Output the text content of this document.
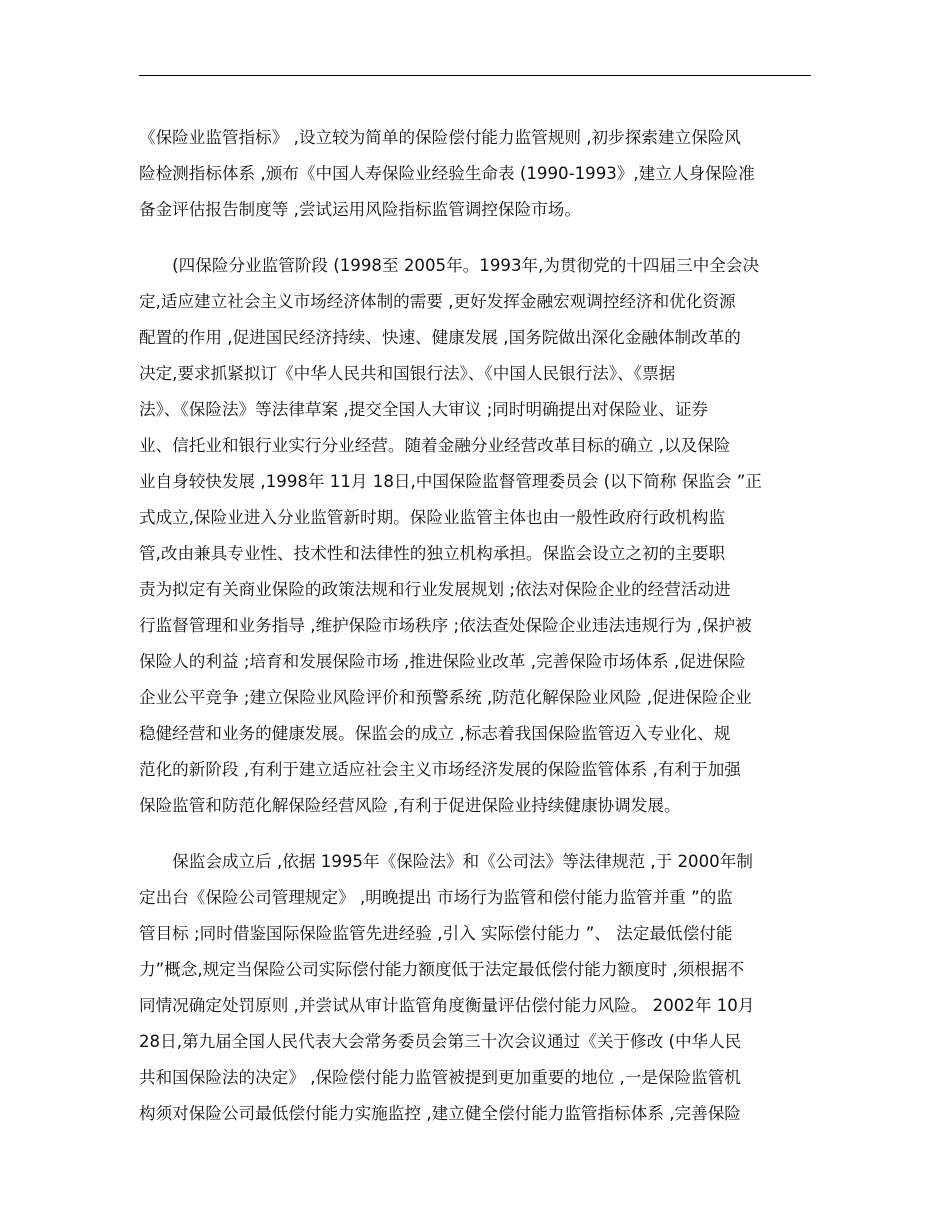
《保险业监管指标》 ,设立较为简单的保险偿付能力监管规则 ,初步探索建立保险风
险检测指标体系 ,颁布《中国人寿保险业经验生命表 (1990-1993》,建立人身保险准
备金评估报告制度等 ,尝试运用风险指标监管调控保险市场。
　　(四保险分业监管阶段 (1998至 2005年。1993年,为贯彻党的十四届三中全会决
定,适应建立社会主义市场经济体制的需要 ,更好发挥金融宏观调控经济和优化资源
配置的作用 ,促进国民经济持续、快速、健康发展 ,国务院做出深化金融体制改革的
决定,要求抓紧拟订《中华人民共和国银行法》、《中国人民银行法》、《票据
法》、《保险法》等法律草案 ,提交全国人大审议 ;同时明确提出对保险业、证券
业、信托业和银行业实行分业经营。随着金融分业经营改革目标的确立 ,以及保险
业自身较快发展 ,1998年 11月 18日,中国保险监督管理委员会 (以下简称 保监会 ”正
式成立,保险业进入分业监管新时期。保险业监管主体也由一般性政府行政机构监
管,改由兼具专业性、技术性和法律性的独立机构承担。保监会设立之初的主要职
责为拟定有关商业保险的政策法规和行业发展规划 ;依法对保险企业的经营活动进
行监督管理和业务指导 ,维护保险市场秩序 ;依法查处保险企业违法违规行为 ,保护被
保险人的利益 ;培育和发展保险市场 ,推进保险业改革 ,完善保险市场体系 ,促进保险
企业公平竞争 ;建立保险业风险评价和预警系统 ,防范化解保险业风险 ,促进保险企业
稳健经营和业务的健康发展。保监会的成立 ,标志着我国保险监管迈入专业化、规
范化的新阶段 ,有利于建立适应社会主义市场经济发展的保险监管体系 ,有利于加强
保险监管和防范化解保险经营风险 ,有利于促进保险业持续健康协调发展。
　　保监会成立后 ,依据 1995年《保险法》和《公司法》等法律规范 ,于 2000年制
定出台《保险公司管理规定》 ,明晚提出 市场行为监管和偿付能力监管并重 ”的监
管目标 ;同时借鉴国际保险监管先进经验 ,引入 实际偿付能力 ”、 法定最低偿付能
力”概念,规定当保险公司实际偿付能力额度低于法定最低偿付能力额度时 ,须根据不
同情况确定处罚原则 ,并尝试从审计监管角度衡量评估偿付能力风险。 2002年 10月
28日,第九届全国人民代表大会常务委员会第三十次会议通过《关于修改 (中华人民
共和国保险法的决定》 ,保险偿付能力监管被提到更加重要的地位 ,一是保险监管机
构须对保险公司最低偿付能力实施监控 ,建立健全偿付能力监管指标体系 ,完善保险
